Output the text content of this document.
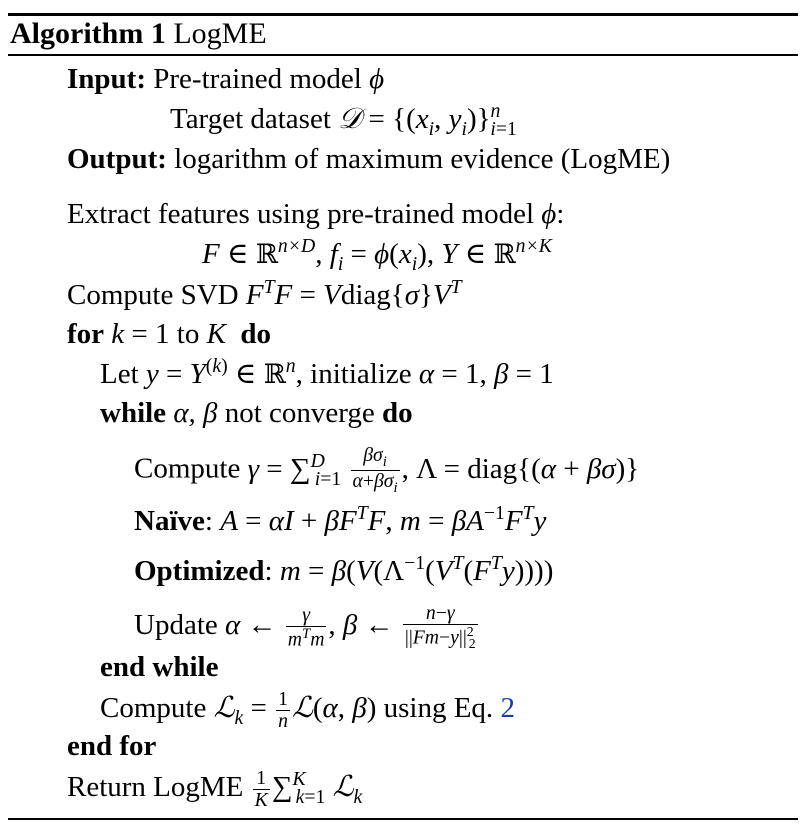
Algorithm 1 LogME
Input: Pre-trained model ϕ
Target dataset 𝒟 = {($x_i$, $y_i)\}^n_{i=1}$
Output: logarithm of maximum evidence (LogME)
Extract features using pre-trained model ϕ:
F ∈ ℝ$^{n\times D}$, $f_i = \phi(x_i)$, Y ∈ ℝ$^{n\times K}$
Compute SVD $F^TF$ = $Vdiag\{\sigma\}V^T$
for k = 1 to K do
Let $y = Y^{(k)}$ ∈ ℝ$^n$, initialize α = 1, β = 1
while α, β not converge do
Compute $\gamma = \sum^D_{i=1} \frac{\beta\sigma_i}{\alpha+\beta\sigma_i}$ , Λ = diag{(α + βσ)}
Naïve: $A = \alpha I + \beta F^TF$, $m = \beta A^{-1}F^Ty$
Optimized: $m = \beta(V(\Lambda^{-1}(V^T(F^Ty))))$
Update α ← $\frac{\gamma}{m^Tm}$ , β ← $\frac{n-\gamma}{||Fm-y||^2_2}$
end while
Compute ℒ$_k$ = $\frac{1}{n}$ ℒ(α, β) using Eq. 2
end for
Return LogME $\frac{1}{K} \sum^K_{k=1}$ ℒ$_k$
